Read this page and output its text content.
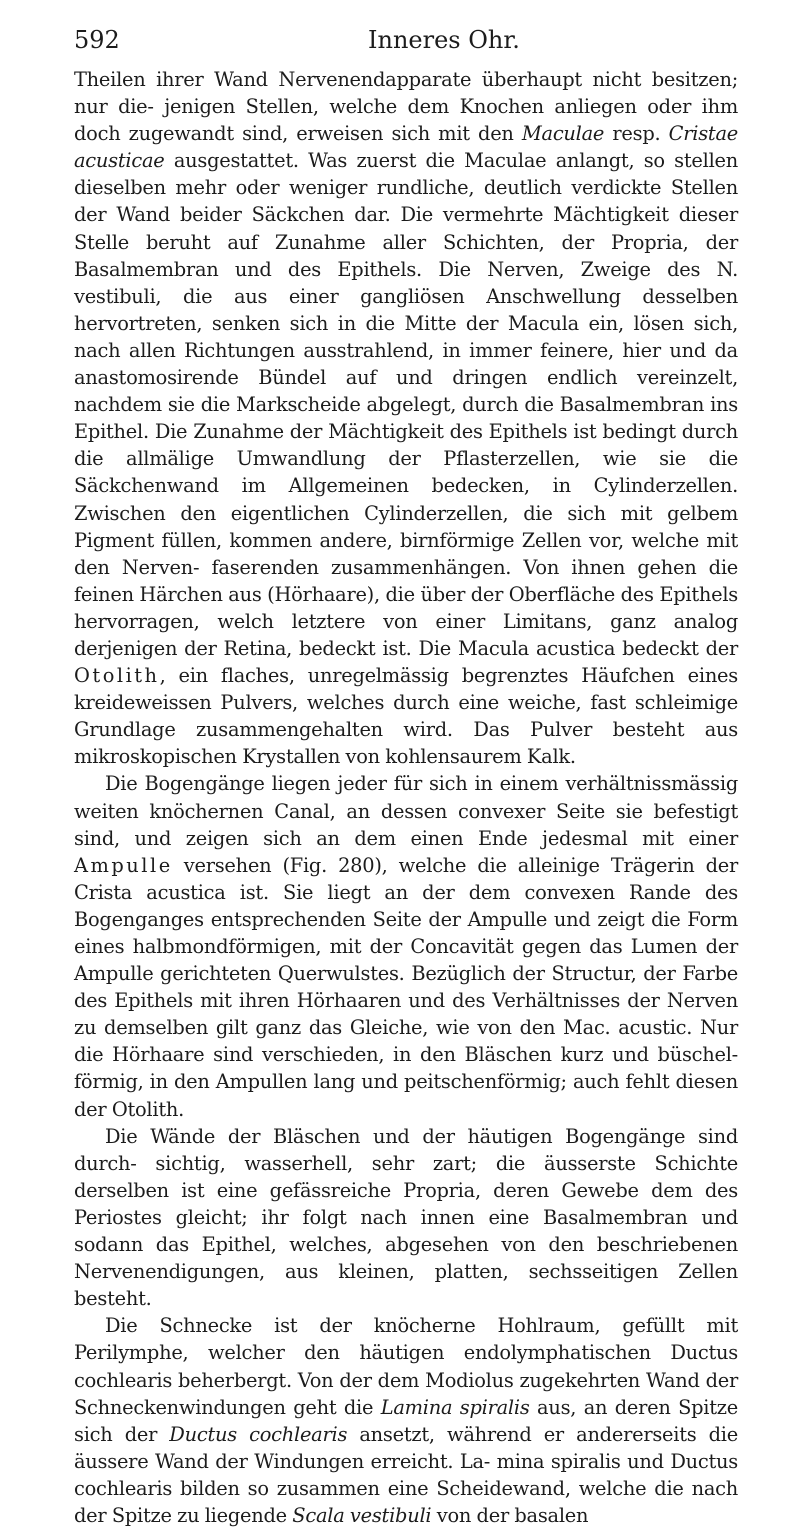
592	Inneres Ohr.

Theilen ihrer Wand Nervenendapparate überhaupt nicht besitzen; nur die- jenigen Stellen, welche dem Knochen anliegen oder ihm doch zugewandt sind, erweisen sich mit den Maculae resp. Cristae acusticae ausgestattet. Was zuerst die Maculae anlangt, so stellen dieselben mehr oder weniger rundliche, deutlich verdickte Stellen der Wand beider Säckchen dar. Die vermehrte Mächtigkeit dieser Stelle beruht auf Zunahme aller Schichten, der Propria, der Basalmembran und des Epithels. Die Nerven, Zweige des N. vestibuli, die aus einer gangliösen Anschwellung desselben hervortreten, senken sich in die Mitte der Macula ein, lösen sich, nach allen Richtungen ausstrahlend, in immer feinere, hier und da anastomosirende Bündel auf und dringen endlich vereinzelt, nachdem sie die Markscheide abgelegt, durch die Basalmembran ins Epithel. Die Zunahme der Mächtigkeit des Epithels ist bedingt durch die allmälige Umwandlung der Pflasterzellen, wie sie die Säckchenwand im Allgemeinen bedecken, in Cylinderzellen. Zwischen den eigentlichen Cylinderzellen, die sich mit gelbem Pigment füllen, kommen andere, birnförmige Zellen vor, welche mit den Nerven- faserenden zusammenhängen. Von ihnen gehen die feinen Härchen aus (Hörhaare), die über der Oberfläche des Epithels hervorragen, welch letztere von einer Limitans, ganz analog derjenigen der Retina, bedeckt ist. Die Macula acustica bedeckt der Otolith, ein flaches, unregelmässig begrenztes Häufchen eines kreideweissen Pulvers, welches durch eine weiche, fast schleimige Grundlage zusammengehalten wird. Das Pulver besteht aus mikroskopischen Krystallen von kohlensaurem Kalk.

Die Bogengänge liegen jeder für sich in einem verhältnissmässig weiten knöchernen Canal, an dessen convexer Seite sie befestigt sind, und zeigen sich an dem einen Ende jedesmal mit einer Ampulle versehen (Fig. 280), welche die alleinige Trägerin der Crista acustica ist. Sie liegt an der dem convexen Rande des Bogenganges entsprechenden Seite der Ampulle und zeigt die Form eines halbmondförmigen, mit der Concavität gegen das Lumen der Ampulle gerichteten Querwulstes. Bezüglich der Structur, der Farbe des Epithels mit ihren Hörhaaren und des Verhältnisses der Nerven zu demselben gilt ganz das Gleiche, wie von den Mac. acustic. Nur die Hörhaare sind verschieden, in den Bläschen kurz und büschel- förmig, in den Ampullen lang und peitschenförmig; auch fehlt diesen der Otolith.

Die Wände der Bläschen und der häutigen Bogengänge sind durch- sichtig, wasserhell, sehr zart; die äusserste Schichte derselben ist eine gefässreiche Propria, deren Gewebe dem des Periostes gleicht; ihr folgt nach innen eine Basalmembran und sodann das Epithel, welches, abgesehen von den beschriebenen Nervenendigungen, aus kleinen, platten, sechsseitigen Zellen besteht.

Die Schnecke ist der knöcherne Hohlraum, gefüllt mit Perilymphe, welcher den häutigen endolymphatischen Ductus cochlearis beherbergt. Von der dem Modiolus zugekehrten Wand der Schneckenwindungen geht die Lamina spiralis aus, an deren Spitze sich der Ductus cochlearis ansetzt, während er andererseits die äussere Wand der Windungen erreicht. La- mina spiralis und Ductus cochlearis bilden so zusammen eine Scheidewand, welche die nach der Spitze zu liegende Scala vestibuli von der basalen
